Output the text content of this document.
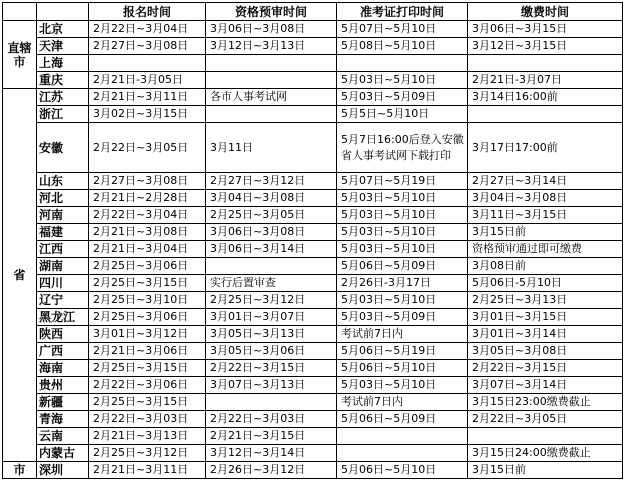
		报名时间	资格预审时间	准考证打印时间	缴费时间
直辖市	北京	2月22日~3月04日	3月06日~3月08日	5月07日~5月10日	3月06日~3月15日
	天津	2月27日~3月08日	3月12日~3月13日	5月08日~5月10日	3月12日~3月15日
	上海				
	重庆	2月21日-3月05日		5月03日~5月10日	2月21日-3月07日
省	江苏	2月21日~3月11日	各市人事考试网	5月03日~5月09日	3月14日16:00前
	浙江	3月02日~3月15日		5月5日~5月10日	
	安徽	2月22日~3月05日	3月11日	5月7日16:00后登入安徽省人事考试网下载打印	3月17日17:00前
	山东	2月27日~3月08日	2月27日~3月12日	5月07日~5月19日	2月27日~3月14日
	河北	2月21日~2月28日	3月04日~3月08日	5月03日~5月10日	3月04日~3月08日
	河南	2月22日~3月04日	2月25日~3月05日	5月03日~5月10日	3月11日~3月15日
	福建	2月21日~3月08日	3月06日~3月08日	5月03日~5月10日	3月15日前
	江西	2月21日~3月04日	3月06日~3月14日	5月03日~5月10日	资格预审通过即可缴费
	湖南	2月25日~3月06日		5月06日~5月09日	3月08日前
	四川	2月25日~3月15日	实行后置审查	2月26日-3月17日	5月06日-5月10日
	辽宁	2月25日~3月10日	2月25日~3月12日	5月03日~5月10日	2月25日~3月13日
	黑龙江	2月25日~3月06日	3月01日~3月07日	5月03日~5月09日	3月01日~3月15日
	陕西	3月01日~3月12日	3月05日~3月13日	考试前7日内	3月01日~3月14日
	广西	2月21日~3月06日	3月05日~3月06日	5月06日~5月19日	3月05日~3月08日
	海南	2月25日~3月15日	2月22日~3月15日	5月06日~5月10日	2月22日~3月15日
	贵州	2月22日~3月06日	3月07日~3月13日	5月03日~5月10日	3月07日~3月14日
	新疆	2月25日~3月15日		考试前7日内	3月15日23:00缴费截止
	青海	2月22日~3月03日	2月22日~3月03日	5月06日~5月09日	2月22日~3月05日
	云南	2月21日~3月13日	2月21日~3月15日		
	内蒙古	2月25日~3月12日	3月12日~3月14日		3月15日24:00缴费截止
市	深圳	2月21日~3月11日	2月26日~3月12日	5月06日~5月10日	3月15日前
